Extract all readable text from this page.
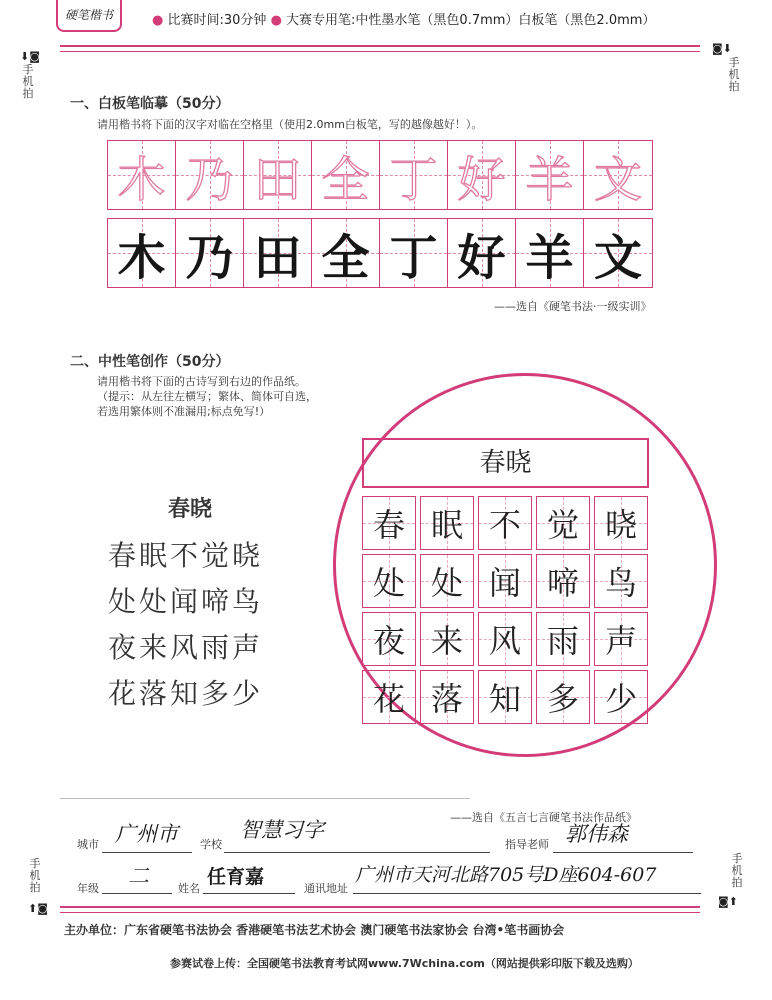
硬笔楷书	● 比赛时间:30分钟 ● 大赛专用笔:中性墨水笔（黑色0.7mm）白板笔（黑色2.0mm）
⬇◙
手机拍
◙⬇
手机拍
一、白板笔临摹（50分）
请用楷书将下面的汉字对临在空格里（使用2.0mm白板笔，写的越像越好！）。
木 乃 田 全 丁 好 羊 文
木 乃 田 全 丁 好 羊 文
——选自《硬笔书法·一级实训》
二、中性笔创作（50分）
请用楷书将下面的古诗写到右边的作品纸。
（提示：从左往左横写；繁体、简体可自选，
若选用繁体则不准漏用;标点免写!）
春晓
春眠不觉晓
处处闻啼鸟
夜来风雨声
花落知多少
春晓
春 眠 不 觉 晓
处 处 闻 啼 鸟
夜 来 风 雨 声
花 落 知 多 少
——选自《五言七言硬笔书法作品纸》
城市 广州市 学校
智慧习字
指导老师 郭伟森
年级
二
姓名
任育嘉
通讯地址
广州市天河北路705号D座604-607
手机拍
⬆◙
手机拍
◙⬆
主办单位：广东省硬笔书法协会 香港硬笔书法艺术协会 澳门硬笔书法家协会 台湾•笔书画协会
参赛试卷上传：全国硬笔书法教育考试网www.7Wchina.com（网站提供彩印版下载及选购）
